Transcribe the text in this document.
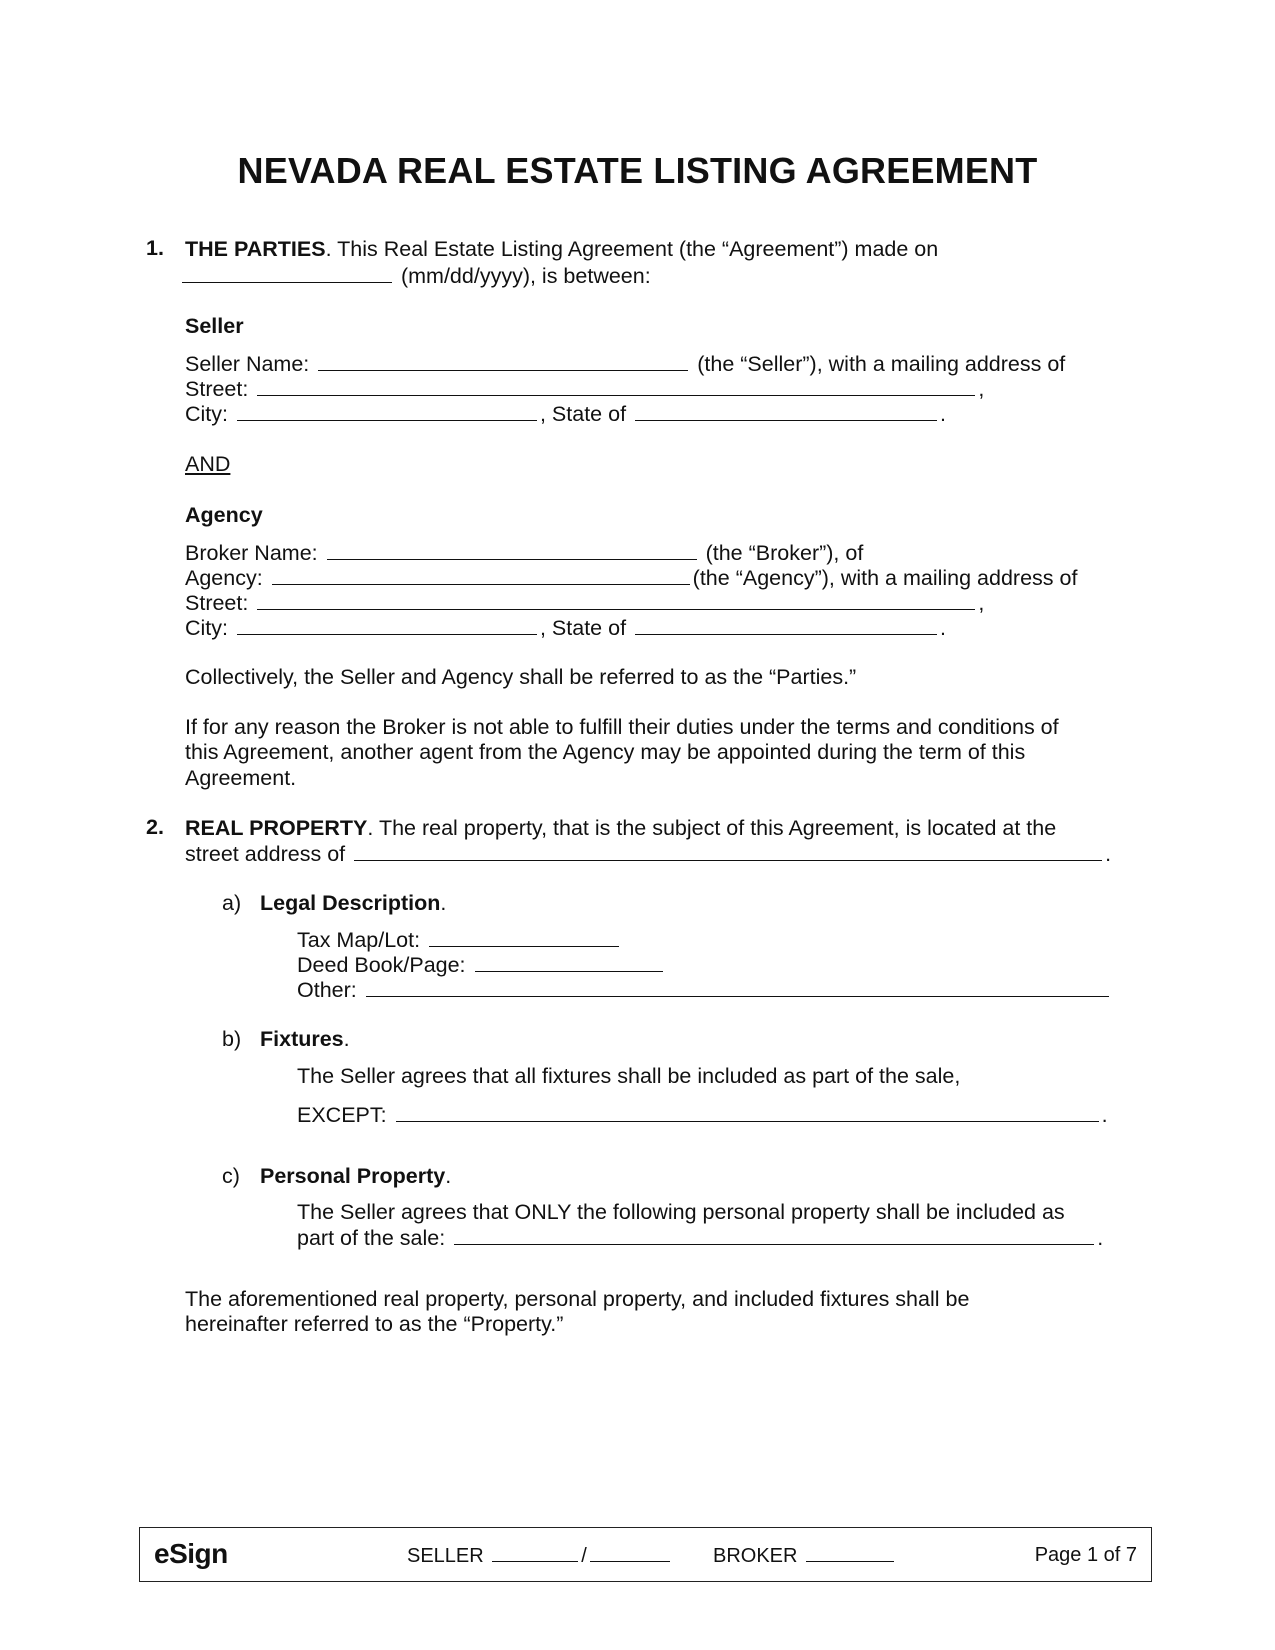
NEVADA REAL ESTATE LISTING AGREEMENT
1. THE PARTIES. This Real Estate Listing Agreement (the “Agreement”) made on
(mm/dd/yyyy), is between:
Seller
Seller Name:	(the “Seller”), with a mailing address of
Street:	,
City:	, State of	.
AND
Agency
Broker Name:	(the “Broker”), of
Agency:	(the “Agency”), with a mailing address of
Street:	,
City:	, State of	.
Collectively, the Seller and Agency shall be referred to as the “Parties.”
If for any reason the Broker is not able to fulfill their duties under the terms and conditions of
this Agreement, another agent from the Agency may be appointed during the term of this
Agreement.
2. REAL PROPERTY. The real property, that is the subject of this Agreement, is located at the
street address of	.
a) Legal Description.
Tax Map/Lot:
Deed Book/Page:
Other:
b) Fixtures.
The Seller agrees that all fixtures shall be included as part of the sale,
EXCEPT:	.
c) Personal Property.
The Seller agrees that ONLY the following personal property shall be included as
part of the sale:	.
The aforementioned real property, personal property, and included fixtures shall be
hereinafter referred to as the “Property.”
eSign	SELLER	/	BROKER	Page 1 of 7
